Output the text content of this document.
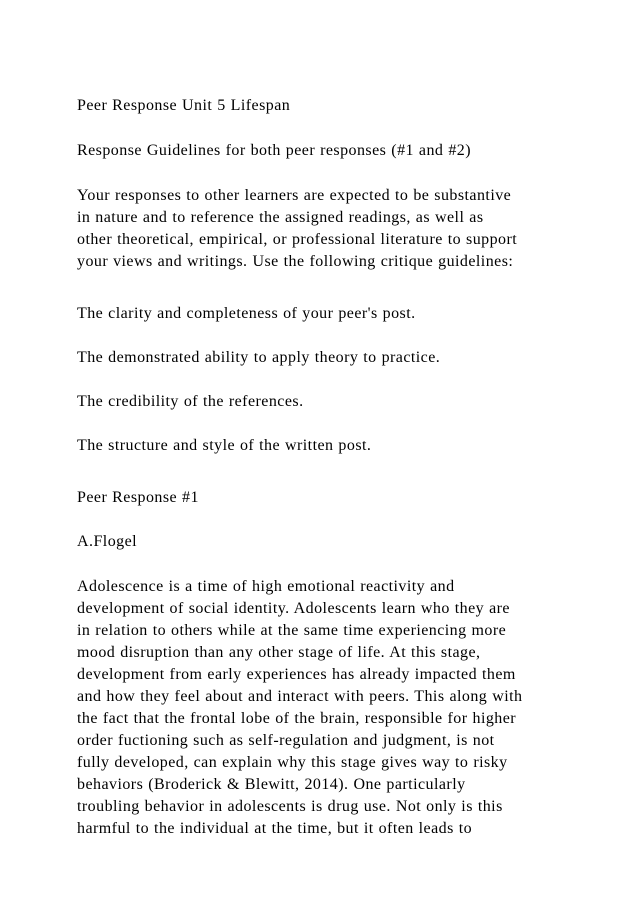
Peer Response Unit 5 Lifespan
Response Guidelines for both peer responses (#1 and #2)
Your responses to other learners are expected to be substantive
in nature and to reference the assigned readings, as well as
other theoretical, empirical, or professional literature to support
your views and writings. Use the following critique guidelines:
The clarity and completeness of your peer's post.
The demonstrated ability to apply theory to practice.
The credibility of the references.
The structure and style of the written post.
Peer Response #1
A.Flogel
Adolescence is a time of high emotional reactivity and
development of social identity. Adolescents learn who they are
in relation to others while at the same time experiencing more
mood disruption than any other stage of life. At this stage,
development from early experiences has already impacted them
and how they feel about and interact with peers. This along with
the fact that the frontal lobe of the brain, responsible for higher
order fuctioning such as self-regulation and judgment, is not
fully developed, can explain why this stage gives way to risky
behaviors (Broderick & Blewitt, 2014). One particularly
troubling behavior in adolescents is drug use. Not only is this
harmful to the individual at the time, but it often leads to
